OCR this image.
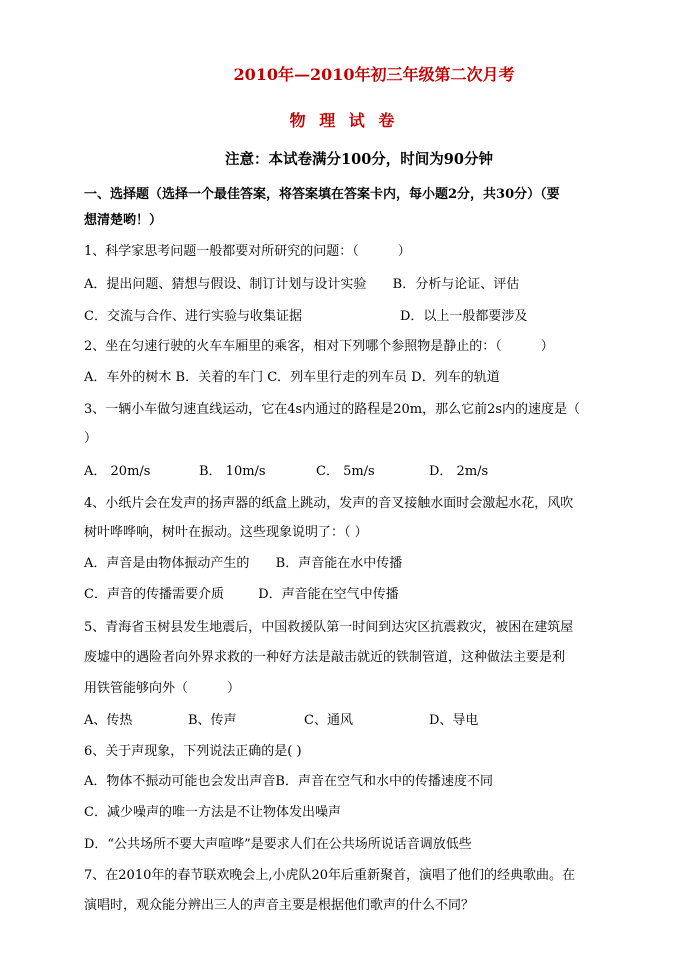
2010年—2010年初三年级第二次月考
物 理 试 卷
注意：本试卷满分100分，时间为90分钟
一、选择题（选择一个最佳答案，将答案填在答案卡内，每小题2分，共30分）（要
想清楚哟！）
1、科学家思考问题一般都要对所研究的问题：（　　　）
A．提出问题、猜想与假设、制订计划与设计实验 B．分析与论证、评估
C．交流与合作、进行实验与收集证据	D．以上一般都要涉及
2、坐在匀速行驶的火车车厢里的乘客，相对下列哪个参照物是静止的：（　　　）
A．车外的树木 B．关着的车门 C．列车里行走的列车员 D．列车的轨道
3、一辆小车做匀速直线运动，它在4s内通过的路程是20m，那么它前2s内的速度是（
）
A． 20m/s	B． 10m/s	C． 5m/s	D． 2m/s
4、小纸片会在发声的扬声器的纸盒上跳动，发声的音叉接触水面时会激起水花，风吹
树叶哗哗响，树叶在振动。这些现象说明了：（ ）
A．声音是由物体振动产生的 B．声音能在水中传播
C．声音的传播需要介质	D．声音能在空气中传播
5、青海省玉树县发生地震后，中国救援队第一时间到达灾区抗震救灾，被困在建筑屋
废墟中的遇险者向外界求救的一种好方法是敲击就近的铁制管道，这种做法主要是利
用铁管能够向外（　　　）
A、传热	B、传声	C、通风	D、导电
6、关于声现象，下列说法正确的是( )
A．物体不振动可能也会发出声音B．声音在空气和水中的传播速度不同
C．减少噪声的唯一方法是不让物体发出噪声
D．“公共场所不要大声喧哗”是要求人们在公共场所说话音调放低些
7、在2010年的春节联欢晚会上,小虎队20年后重新聚首，演唱了他们的经典歌曲。在
演唱时，观众能分辨出三人的声音主要是根据他们歌声的什么不同？
